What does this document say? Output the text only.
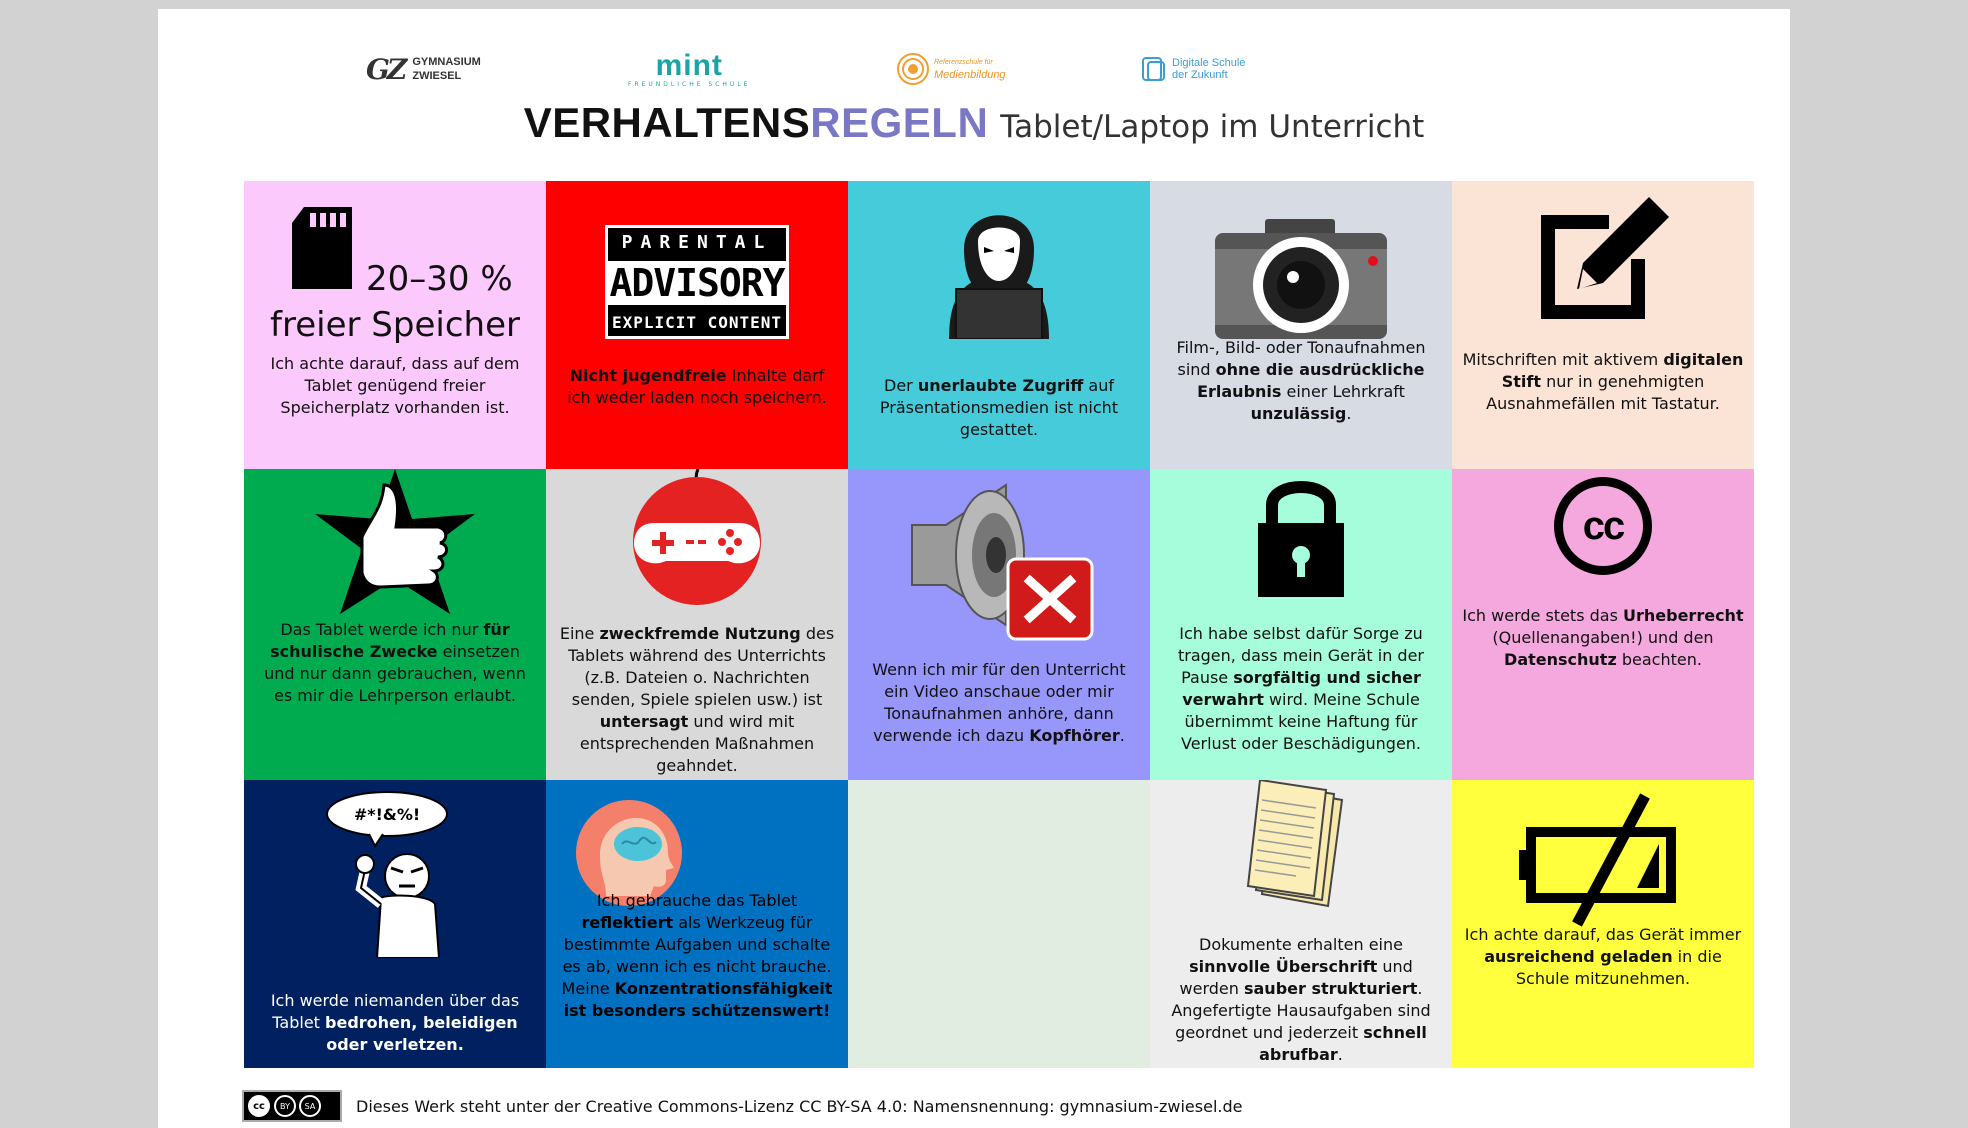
GZ GYMNASIUM
ZWIESEL	mint
FREUNDLICHE SCHULE
Referenzschule für
Medienbildung
Digitale Schule
der Zukunft
VERHALTENSREGELN Tablet/Laptop im Unterricht
20–30 %
freier Speicher
Ich achte darauf, dass auf dem Tablet genügend freier Speicherplatz vorhanden ist.
PARENTAL
ADVISORY
EXPLICIT CONTENT
Nicht jugendfreie Inhalte darf ich weder laden noch speichern.
Der unerlaubte Zugriff auf Präsentationsmedien ist nicht gestattet.
Film-, Bild- oder Tonaufnahmen sind ohne die ausdrückliche Erlaubnis einer Lehrkraft unzulässig.
Mitschriften mit aktivem digitalen Stift nur in genehmigten Ausnahmefällen mit Tastatur.
Das Tablet werde ich nur für schulische Zwecke einsetzen und nur dann gebrauchen, wenn es mir die Lehrperson erlaubt.
Eine zweckfremde Nutzung des Tablets während des Unterrichts (z.B. Dateien o. Nachrichten senden, Spiele spielen usw.) ist untersagt und wird mit entsprechenden Maßnahmen geahndet.
Wenn ich mir für den Unterricht ein Video anschaue oder mir Tonaufnahmen anhöre, dann verwende ich dazu Kopfhörer.
Ich habe selbst dafür Sorge zu tragen, dass mein Gerät in der Pause sorgfältig und sicher verwahrt wird. Meine Schule übernimmt keine Haftung für Verlust oder Beschädigungen.
cc
Ich werde stets das Urheberrecht (Quellenangaben!) und den Datenschutz beachten.
#*!&%!
Ich werde niemanden über das Tablet bedrohen, beleidigen oder verletzen.
Ich gebrauche das Tablet reflektiert als Werkzeug für bestimmte Aufgaben und schalte es ab, wenn ich es nicht brauche. Meine Konzentrationsfähigkeit ist besonders schützenswert!
Dokumente erhalten eine sinnvolle Überschrift und werden sauber strukturiert. Angefertigte Hausaufgaben sind geordnet und jederzeit schnell abrufbar.
Ich achte darauf, das Gerät immer ausreichend geladen in die Schule mitzunehmen.
cc	BY	SA	Dieses Werk steht unter der Creative Commons-Lizenz CC BY-SA 4.0: Namensnennung: gymnasium-zwiesel.de
